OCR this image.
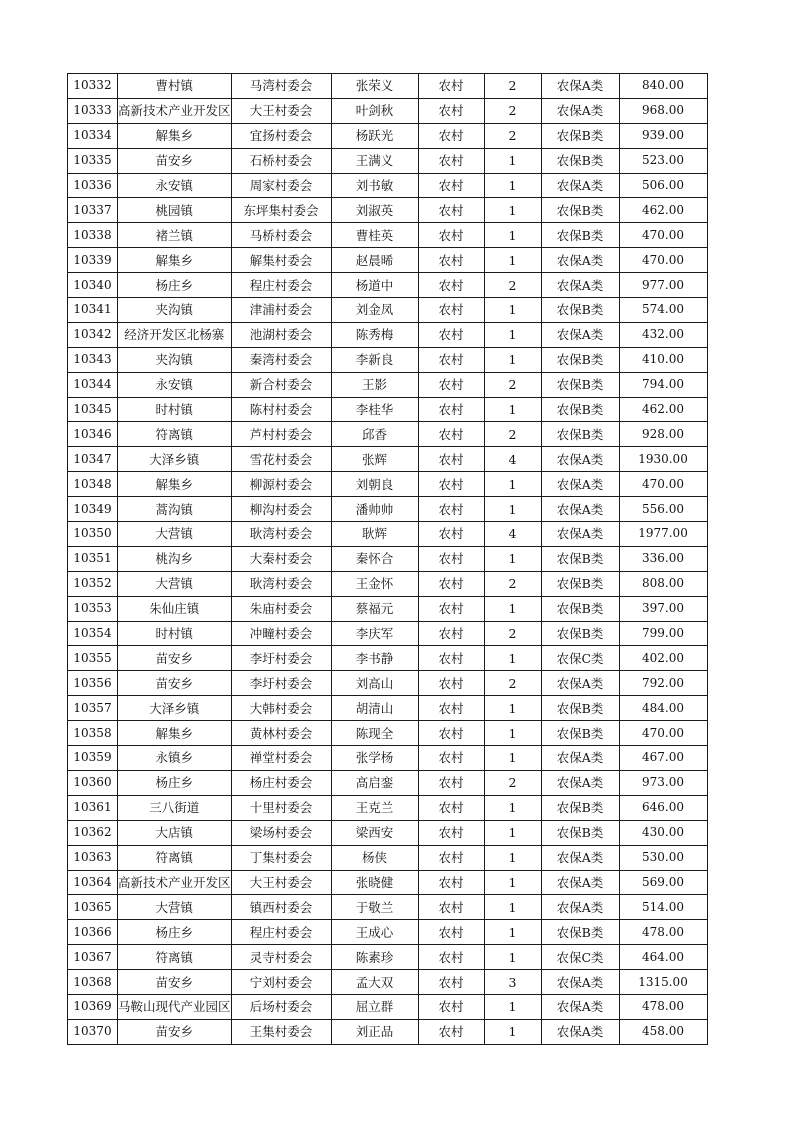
10332	曹村镇	马湾村委会	张荣义	农村	2	农保A类	840.00
10333	高新技术产业开发区	大王村委会	叶剑秋	农村	2	农保A类	968.00
10334	解集乡	宜扬村委会	杨跃光	农村	2	农保B类	939.00
10335	苗安乡	石桥村委会	王满义	农村	1	农保B类	523.00
10336	永安镇	周家村委会	刘书敏	农村	1	农保A类	506.00
10337	桃园镇	东坪集村委会	刘淑英	农村	1	农保B类	462.00
10338	褚兰镇	马桥村委会	曹桂英	农村	1	农保B类	470.00
10339	解集乡	解集村委会	赵晨晞	农村	1	农保A类	470.00
10340	杨庄乡	程庄村委会	杨道中	农村	2	农保A类	977.00
10341	夹沟镇	津浦村委会	刘金凤	农村	1	农保B类	574.00
10342	经济开发区北杨寨	池湖村委会	陈秀梅	农村	1	农保A类	432.00
10343	夹沟镇	秦湾村委会	李新良	农村	1	农保B类	410.00
10344	永安镇	新合村委会	王影	农村	2	农保B类	794.00
10345	时村镇	陈村村委会	李桂华	农村	1	农保B类	462.00
10346	符离镇	芦村村委会	邱香	农村	2	农保B类	928.00
10347	大泽乡镇	雪花村委会	张辉	农村	4	农保A类	1930.00
10348	解集乡	柳源村委会	刘朝良	农村	1	农保A类	470.00
10349	蒿沟镇	柳沟村委会	潘帅帅	农村	1	农保A类	556.00
10350	大营镇	耿湾村委会	耿辉	农村	4	农保A类	1977.00
10351	桃沟乡	大秦村委会	秦怀合	农村	1	农保B类	336.00
10352	大营镇	耿湾村委会	王金怀	农村	2	农保B类	808.00
10353	朱仙庄镇	朱庙村委会	蔡福元	农村	1	农保B类	397.00
10354	时村镇	冲疃村委会	李庆军	农村	2	农保B类	799.00
10355	苗安乡	李圩村委会	李书静	农村	1	农保C类	402.00
10356	苗安乡	李圩村委会	刘高山	农村	2	农保A类	792.00
10357	大泽乡镇	大韩村委会	胡清山	农村	1	农保B类	484.00
10358	解集乡	黄林村委会	陈现全	农村	1	农保B类	470.00
10359	永镇乡	禅堂村委会	张学杨	农村	1	农保A类	467.00
10360	杨庄乡	杨庄村委会	高启銮	农村	2	农保A类	973.00
10361	三八街道	十里村委会	王克兰	农村	1	农保B类	646.00
10362	大店镇	梁场村委会	梁西安	农村	1	农保B类	430.00
10363	符离镇	丁集村委会	杨侠	农村	1	农保A类	530.00
10364	高新技术产业开发区	大王村委会	张晓健	农村	1	农保A类	569.00
10365	大营镇	镇西村委会	于敬兰	农村	1	农保A类	514.00
10366	杨庄乡	程庄村委会	王成心	农村	1	农保B类	478.00
10367	符离镇	灵寺村委会	陈素珍	农村	1	农保C类	464.00
10368	苗安乡	宁刘村委会	孟大双	农村	3	农保A类	1315.00
10369	马鞍山现代产业园区	后场村委会	屈立群	农村	1	农保A类	478.00
10370	苗安乡	王集村委会	刘正品	农村	1	农保A类	458.00
